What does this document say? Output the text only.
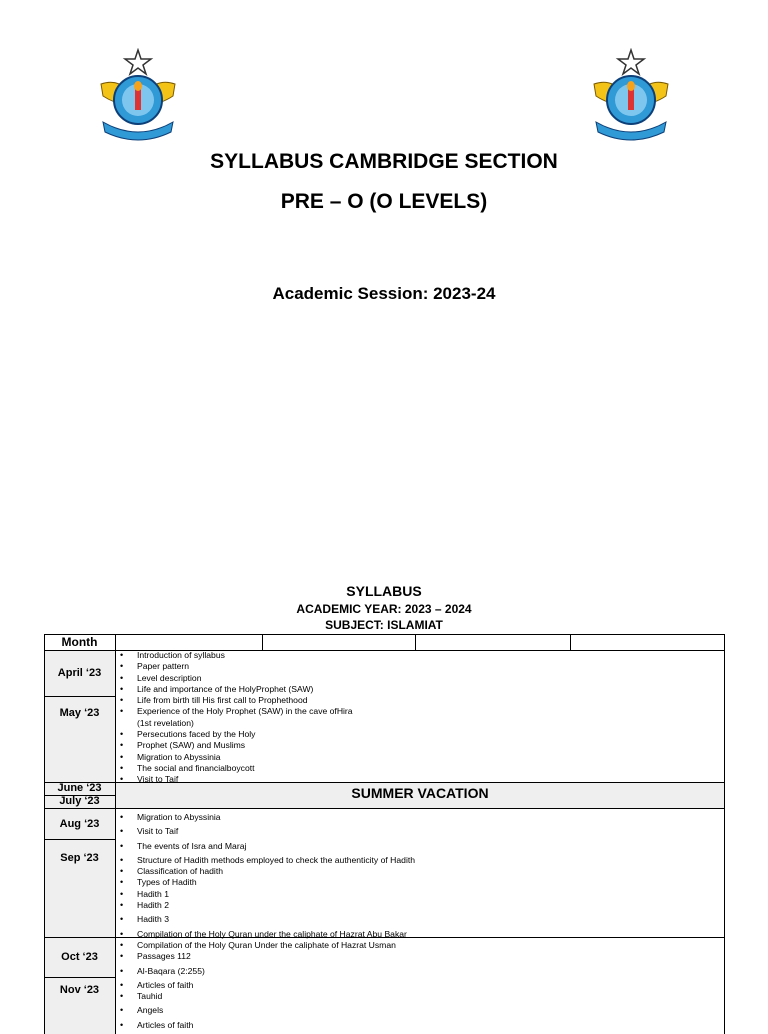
SYLLABUS CAMBRIDGE SECTION
PRE – O (O LEVELS)
Academic Session: 2023-24
SYLLABUS
ACADEMIC YEAR: 2023 – 2024
SUBJECT: ISLAMIAT
Month
April ‘23
May ‘23
June ‘23
July ‘23
Aug ‘23
Sep ‘23
Oct ‘23
Nov ‘23
• Introduction of syllabus
• Paper pattern
• Level description
• Life and importance of the HolyProphet (SAW)
• Life from birth till His first call to Prophethood
• Experience of the Holy Prophet (SAW) in the cave ofHira (1st revelation)
• Persecutions faced by the Holy
• Prophet (SAW) and Muslims
• Migration to Abyssinia
• The social and financialboycott
• Visit to Taif
SUMMER VACATION
• Migration to Abyssinia
• Visit to Taif
• The events of Isra and Maraj
• Structure of Hadith methods employed to check the authenticity of Hadith
• Classification of hadith
• Types of Hadith
• Hadith 1
• Hadith 2
• Hadith 3
• Compilation of the Holy Quran under the caliphate of Hazrat Abu Bakar
• Compilation of the Holy Quran Under the caliphate of Hazrat Usman
• Passages 112
• Al-Baqara (2:255)
• Articles of faith
• Tauhid
• Angels
• Articles of faith
